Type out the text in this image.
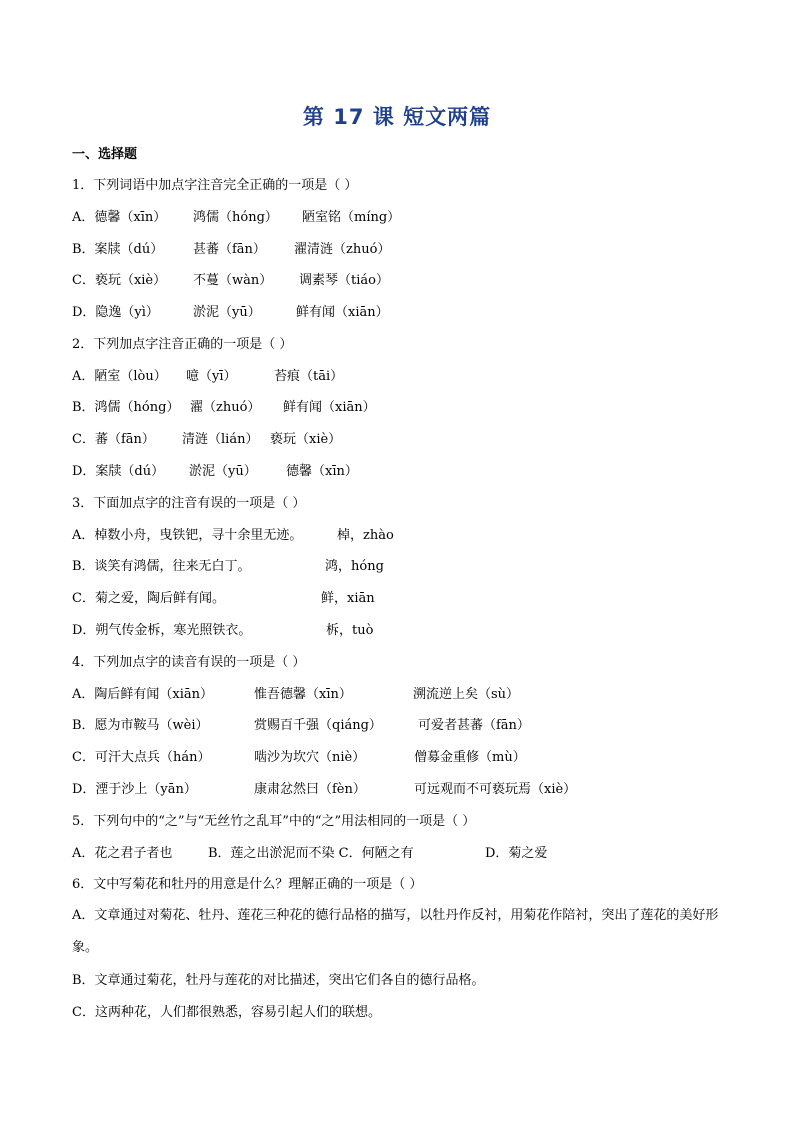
第 17 课 短文两篇
一、选择题
1．下列词语中加点字注音完全正确的一项是（ ）
A．德馨（xīn） 鸿儒（hóng） 陋室铭（míng）
B．案牍（dú） 甚蕃（fān） 濯清涟（zhuó）
C．亵玩（xiè） 不蔓（wàn） 调素琴（tiáo）
D．隐逸（yì）	淤泥（yū）	鲜有闻（xiān）
2．下列加点字注音正确的一项是（ ）
A．陋室（lòu） 噫（yī）	苔痕（tāi）
B．鸿儒（hóng） 濯（zhuó） 鲜有闻（xiān）
C．蕃（fān） 清涟（lián） 亵玩（xiè）
D．案牍（dú） 淤泥（yū） 德馨（xīn）
3．下面加点字的注音有误的一项是（ ）
A．棹数小舟，曳铁钯，寻十余里无迹。	棹，zhào
B．谈笑有鸿儒，往来无白丁。	鸿，hóng
C．菊之爱，陶后鲜有闻。	鲜，xiān
D．朔气传金柝，寒光照铁衣。	柝，tuò
4．下列加点字的读音有误的一项是（ ）
A．陶后鲜有闻（xiān）	惟吾德馨（xīn）	溯流逆上矣（sù）
B．愿为市鞍马（wèi）	赏赐百千强（qiáng）	可爱者甚蕃（fān）
C．可汗大点兵（hán）	啮沙为坎穴（niè）	僧募金重修（mù）
D．湮于沙上（yān）	康肃忿然曰（fèn）	可远观而不可亵玩焉（xiè）
5．下列句中的“之”与“无丝竹之乱耳”中的“之”用法相同的一项是（ ）
A．花之君子者也	B．莲之出淤泥而不染 C．何陋之有	D．菊之爱
6．文中写菊花和牡丹的用意是什么？理解正确的一项是（ ）
A．文章通过对菊花、牡丹、莲花三种花的德行品格的描写，以牡丹作反衬，用菊花作陪衬，突出了莲花的美好形象。
B．文章通过菊花，牡丹与莲花的对比描述，突出它们各自的德行品格。
C．这两种花，人们都很熟悉，容易引起人们的联想。
